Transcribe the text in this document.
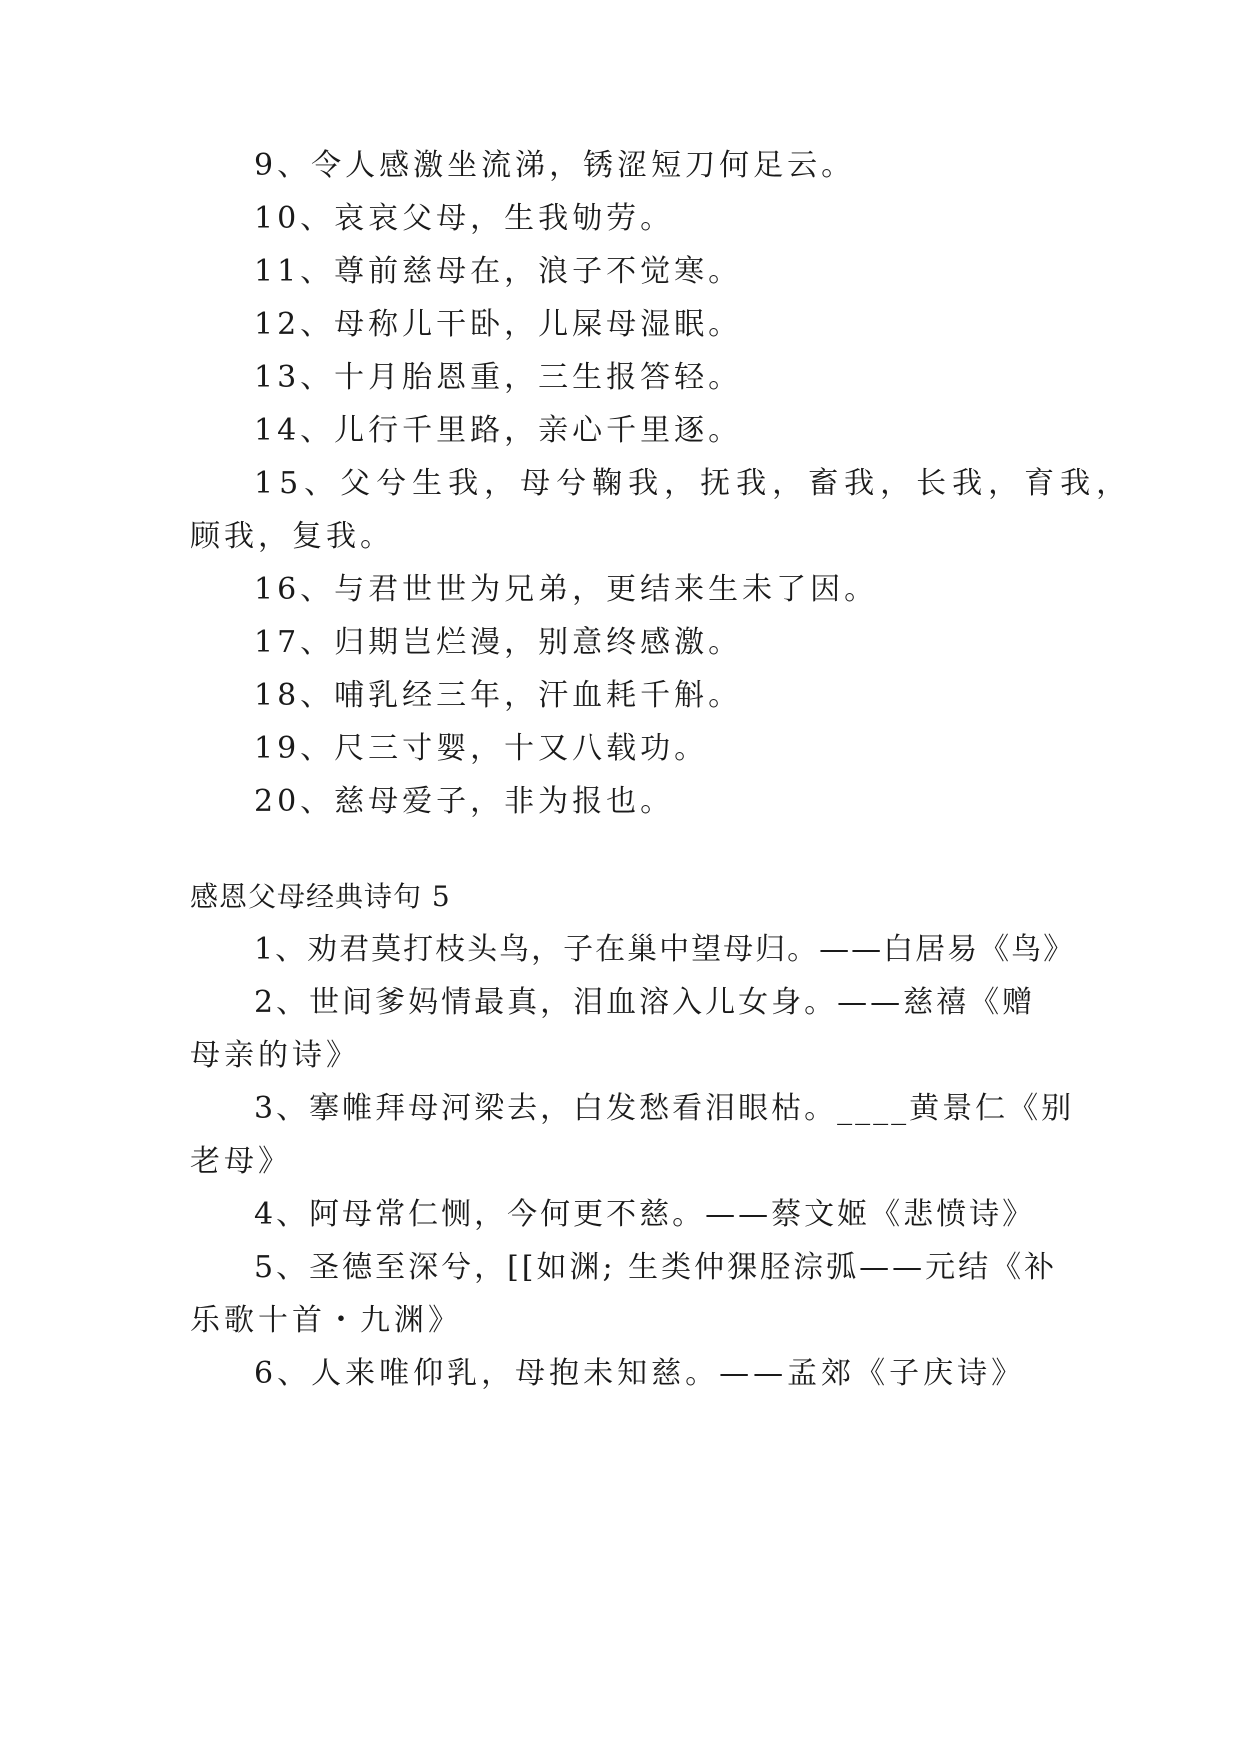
9、令人感激坐流涕，锈涩短刀何足云。
10、哀哀父母，生我劬劳。
11、尊前慈母在，浪子不觉寒。
12、母称儿干卧，儿屎母湿眠。
13、十月胎恩重，三生报答轻。
14、儿行千里路，亲心千里逐。
15、父兮生我，母兮鞠我，抚我，畜我，长我，育我，
顾我，复我。
16、与君世世为兄弟，更结来生未了因。
17、归期岂烂漫，别意终感激。
18、哺乳经三年，汗血耗千斛。
19、尺三寸婴，十又八载功。
20、慈母爱子，非为报也。
感恩父母经典诗句 5
1、劝君莫打枝头鸟，子在巢中望母归。——白居易《鸟》
2、世间爹妈情最真，泪血溶入儿女身。——慈禧《赠
母亲的诗》
3、搴帷拜母河梁去，白发愁看泪眼枯。____黄景仁《别
老母》
4、阿母常仁恻，今何更不慈。——蔡文姬《悲愤诗》
5、圣德至深兮，[[如渊; 生类仲猓胫淙弧——元结《补
乐歌十首・九渊》
6、人来唯仰乳，母抱未知慈。——孟郊《子庆诗》
